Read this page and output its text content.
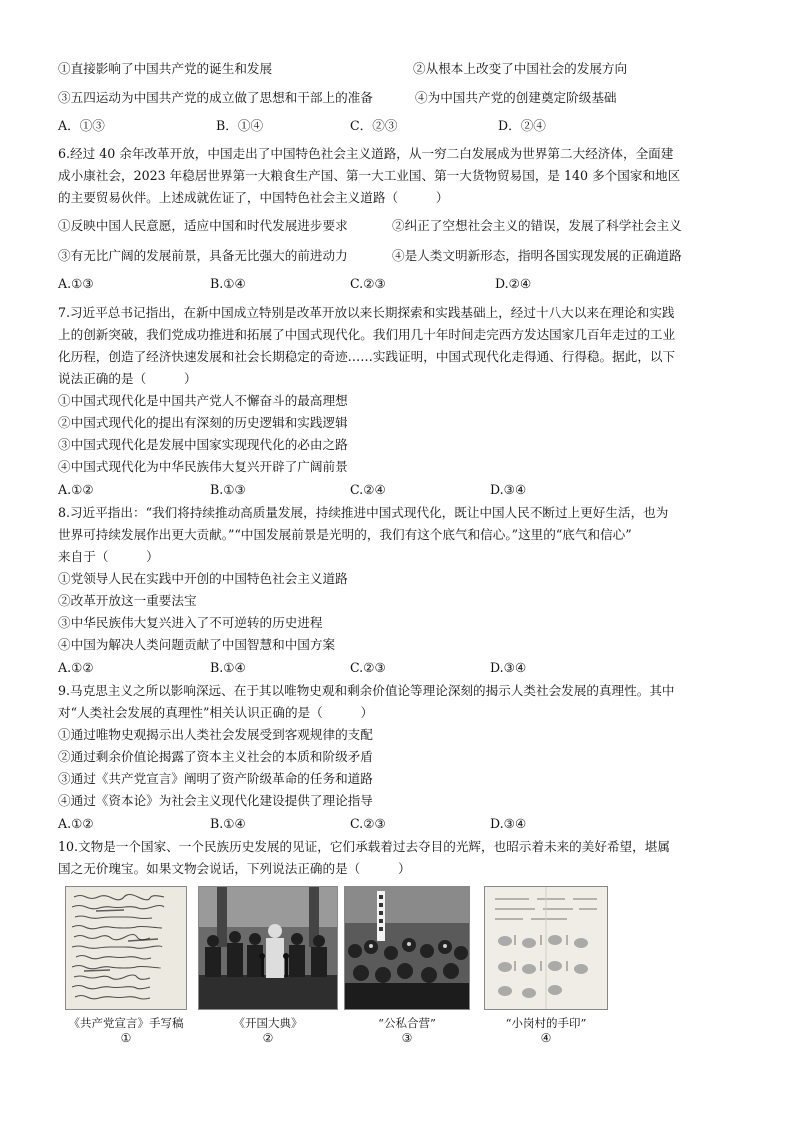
①直接影响了中国共产党的诞生和发展	②从根本上改变了中国社会的发展方向
③五四运动为中国共产党的成立做了思想和干部上的准备	④为中国共产党的创建奠定阶级基础
A．①③	B．①④	C．②③	D．②④
6.经过 40 余年改革开放，中国走出了中国特色社会主义道路，从一穷二白发展成为世界第二大经济体，全面建
成小康社会，2023 年稳居世界第一大粮食生产国、第一大工业国、第一大货物贸易国，是 140 多个国家和地区
的主要贸易伙伴。上述成就佐证了，中国特色社会主义道路（　　　）
①反映中国人民意愿，适应中国和时代发展进步要求	②纠正了空想社会主义的错误，发展了科学社会主义
③有无比广阔的发展前景，具备无比强大的前进动力	④是人类文明新形态，指明各国实现发展的正确道路
A.①③	B.①④	C.②③	D.②④
7.习近平总书记指出，在新中国成立特别是改革开放以来长期探索和实践基础上，经过十八大以来在理论和实践
上的创新突破，我们党成功推进和拓展了中国式现代化。我们用几十年时间走完西方发达国家几百年走过的工业
化历程，创造了经济快速发展和社会长期稳定的奇迹……实践证明，中国式现代化走得通、行得稳。据此，以下
说法正确的是（　　　）
①中国式现代化是中国共产党人不懈奋斗的最高理想
②中国式现代化的提出有深刻的历史逻辑和实践逻辑
③中国式现代化是发展中国家实现现代化的必由之路
④中国式现代化为中华民族伟大复兴开辟了广阔前景
A.①②	B.①③	C.②④	D.③④
8.习近平指出：“我们将持续推动高质量发展，持续推进中国式现代化，既让中国人民不断过上更好生活，也为
世界可持续发展作出更大贡献。”“中国发展前景是光明的，我们有这个底气和信心。”这里的“底气和信心”
来自于（　　　）
①党领导人民在实践中开创的中国特色社会主义道路
②改革开放这一重要法宝
③中华民族伟大复兴进入了不可逆转的历史进程
④中国为解决人类问题贡献了中国智慧和中国方案
A.①②	B.①④	C.②③	D.③④
9.马克思主义之所以影响深远、在于其以唯物史观和剩余价值论等理论深刻的揭示人类社会发展的真理性。其中
对“人类社会发展的真理性”相关认识正确的是（　　　）
①通过唯物史观揭示出人类社会发展受到客观规律的支配
②通过剩余价值论揭露了资本主义社会的本质和阶级矛盾
③通过《共产党宣言》阐明了资产阶级革命的任务和道路
④通过《资本论》为社会主义现代化建设提供了理论指导
A.①②	B.①④	C.②③	D.③④
10.文物是一个国家、一个民族历史发展的见证，它们承载着过去夺目的光辉，也昭示着未来的美好希望，堪属
国之无价瑰宝。如果文物会说话，下列说法正确的是（　　　）
《共产党宣言》手写稿
①
《开国大典》
②
“公私合营”
③
“小岗村的手印”
④
